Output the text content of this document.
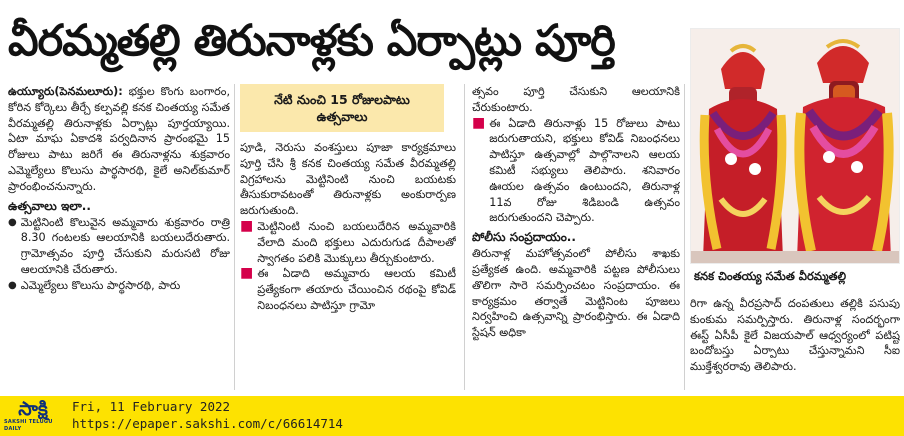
వీరమ్మతల్లి తిరునాళ్లకు ఏర్పాట్లు పూర్తి

ఉయ్యూరు(పెనమలూరు): భక్తుల కొంగు బంగారం, కోరిన కోర్కెలు తీర్చే కల్పవల్లి కనక చింతయ్య సమేత వీరమ్మతల్లి తిరునాళ్లకు ఏర్పాట్లు పూర్తయ్యాయి. ఏటా మాఘ ఏకాదశి పర్వదినాన ప్రారంభమై 15 రోజులు పాటు జరిగే ఈ తిరునాళ్లను శుక్రవారం ఎమ్మెల్యేలు కొలుసు పార్థసారథి, కైలే అనిల్‌కుమార్ ప్రారంభించనున్నారు.

ఉత్సవాలు ఇలా..
● మెట్టినింటి కొలువైన అమ్మవారు శుక్రవారం రాత్రి 8.30 గంటలకు ఆలయానికి బయలుదేరుతారు. గ్రామోత్సవం పూర్తి చేసుకుని మరుసటి రోజు ఆలయానికి చేరుతారు.

● ఎమ్మెల్యేలు కొలుసు పార్థసారథి, పారు

నేటి నుంచి 15 రోజులపాటు ఉత్సవాలు

పూడి, నెరుసు వంశస్తులు పూజా కార్యక్రమాలు పూర్తి చేసి శ్రీ కనక చింతయ్య సమేత వీరమ్మతల్లి విగ్రహాలను మెట్టినింటి నుంచి బయటకు తీసుకురావటంతో తిరునాళ్లకు అంకురార్పణ జరుగుతుంది.

■ మెట్టినింటి నుంచి బయలుదేరిన అమ్మవారికి వేలాది మంది భక్తులు ఎదురుగుడ దీపాలతో స్వాగతం పలికి మొక్కులు తీర్చుకుంటారు.

■ ఈ ఏడాది అమ్మవారు ఆలయ కమిటీ ప్రత్యేకంగా తయారు చేయించిన రథంపై కోవిడ్ నిబంధనలు పాటిస్తూ గ్రామో

త్సవం పూర్తి చేసుకుని ఆలయానికి చేరుకుంటారు.

■ ఈ ఏడాది తిరునాళ్లు 15 రోజులు పాటు జరుగుతాయని, భక్తులు కోవిడ్ నిబంధనలు పాటిస్తూ ఉత్సవాల్లో పాల్గొనాలని ఆలయ కమిటీ సభ్యులు తెలిపారు. శనివారం ఊయల ఉత్సవం ఉంటుందని, తిరునాళ్ల 11వ రోజు శిడిబండి ఉత్సవం జరుగుతుందని చెప్పారు.

పోలీసు సంప్రదాయం..

తిరునాళ్ల మహోత్సవంలో పోలీసు శాఖకు ప్రత్యేకత ఉంది. అమ్మవారికి పట్టణ పోలీసులు తొలిగా సారె సమర్పించటం సంప్రదాయం. ఈ కార్యక్రమం తర్వాతే మెట్టినింట పూజలు నిర్వహించి ఉత్సవాన్ని ప్రారంభిస్తారు. ఈ ఏడాది స్టేషన్ అధికా

కనక చింతయ్య సమేత వీరమ్మతల్లి

రిగా ఉన్న వీరప్రసాద్ దంపతులు తల్లికి పసుపు కుంకుమ సమర్పిస్తారు. తిరునాళ్ల సందర్భంగా ఈస్ట్ ఏసీపీ కైలే విజయపాల్ ఆధ్వర్యంలో పటిష్ట బందోబస్తు ఏర్పాటు చేస్తున్నామని సీఐ ముక్తేశ్వరరావు తెలిపారు.

సాక్షి
SAKSHI TELUGU DAILY
Fri, 11 February 2022
https://epaper.sakshi.com/c/66614714
